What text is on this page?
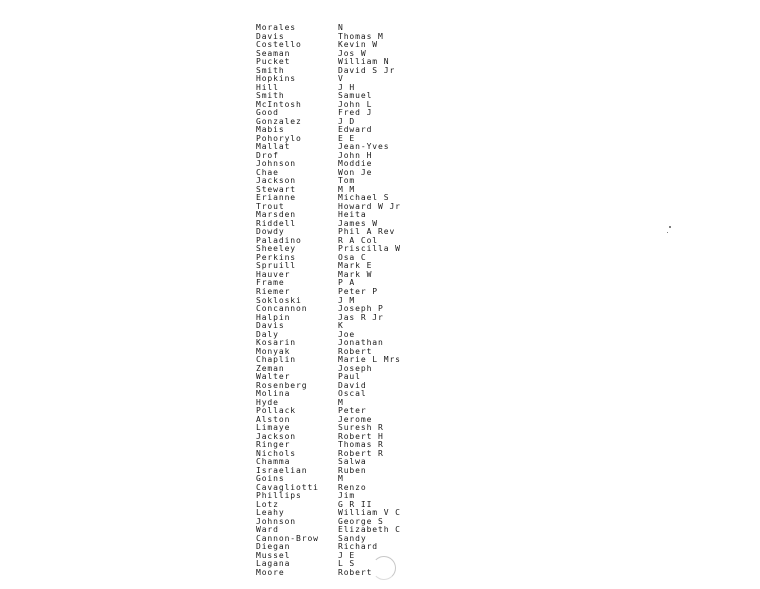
Morales	N
Davis	Thomas M
Costello	Kevin W
Seaman	Jos W
Pucket	William N
Smith	David S Jr
Hopkins	V
Hill	J H
Smith	Samuel
McIntosh	John L
Good	Fred J
Gonzalez	J D
Mabis	Edward
Pohorylo	E E
Mallat	Jean-Yves
Drof	John H
Johnson	Moddie
Chae	Won Je
Jackson	Tom
Stewart	M M
Erianne	Michael S
Trout	Howard W Jr
Marsden	Heita
Riddell	James W
Dowdy	Phil A Rev
Paladino	R A Col
Sheeley	Priscilla W
Perkins	Osa C
Spruill	Mark E
Hauver	Mark W
Frame	P A
Riemer	Peter P
Sokloski	J M
Concannon	Joseph P
Halpin	Jas R Jr
Davis	K
Daly	Joe
Kosarin	Jonathan
Monyak	Robert
Chaplin	Marie L Mrs
Zeman	Joseph
Walter	Paul
Rosenberg	David
Molina	Oscal
Hyde	M
Pollack	Peter
Alston	Jerome
Limaye	Suresh R
Jackson	Robert H
Ringer	Thomas R
Nichols	Robert R
Chamma	Salwa
Israelian	Ruben
Goins	M
Cavagliotti Renzo
Phillips	Jim
Lotz	G R II
Leahy	William V C
Johnson	George S
Ward	Elizabeth C
Cannon-Brow Sandy
Diegan	Richard
Mussel	J E
Lagana	L S
Moore	Robert
